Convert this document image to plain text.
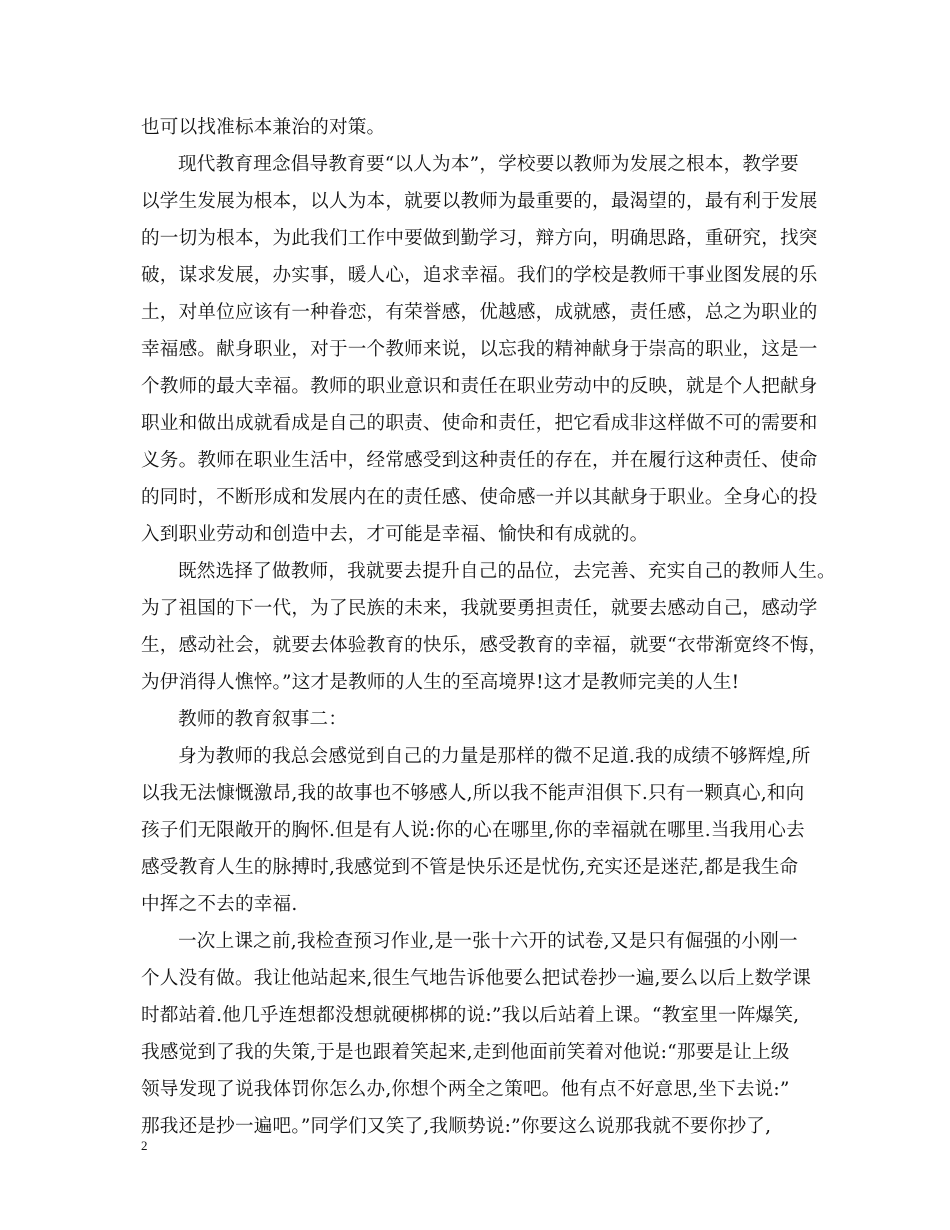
也可以找准标本兼治的对策。
现代教育理念倡导教育要“以人为本”，学校要以教师为发展之根本，教学要
以学生发展为根本，以人为本，就要以教师为最重要的，最渴望的，最有利于发展
的一切为根本，为此我们工作中要做到勤学习，辩方向，明确思路，重研究，找突
破，谋求发展，办实事，暖人心，追求幸福。我们的学校是教师干事业图发展的乐
土，对单位应该有一种眷恋，有荣誉感，优越感，成就感，责任感，总之为职业的
幸福感。献身职业，对于一个教师来说，以忘我的精神献身于崇高的职业，这是一
个教师的最大幸福。教师的职业意识和责任在职业劳动中的反映，就是个人把献身
职业和做出成就看成是自己的职责、使命和责任，把它看成非这样做不可的需要和
义务。教师在职业生活中，经常感受到这种责任的存在，并在履行这种责任、使命
的同时，不断形成和发展内在的责任感、使命感一并以其献身于职业。全身心的投
入到职业劳动和创造中去，才可能是幸福、愉快和有成就的。
既然选择了做教师，我就要去提升自己的品位，去完善、充实自己的教师人生。
为了祖国的下一代，为了民族的未来，我就要勇担责任，就要去感动自己，感动学
生，感动社会，就要去体验教育的快乐，感受教育的幸福，就要“衣带渐宽终不悔，
为伊消得人憔悴。”这才是教师的人生的至高境界!这才是教师完美的人生!
教师的教育叙事二：
身为教师的我总会感觉到自己的力量是那样的微不足道.我的成绩不够辉煌,所
以我无法慷慨激昂,我的故事也不够感人,所以我不能声泪俱下.只有一颗真心,和向
孩子们无限敞开的胸怀.但是有人说:你的心在哪里,你的幸福就在哪里.当我用心去
感受教育人生的脉搏时,我感觉到不管是快乐还是忧伤,充实还是迷茫,都是我生命
中挥之不去的幸福.
一次上课之前,我检查预习作业,是一张十六开的试卷,又是只有倔强的小刚一
个人没有做。我让他站起来,很生气地告诉他要么把试卷抄一遍,要么以后上数学课
时都站着.他几乎连想都没想就硬梆梆的说:”我以后站着上课。“教室里一阵爆笑,
我感觉到了我的失策,于是也跟着笑起来,走到他面前笑着对他说:“那要是让上级
领导发现了说我体罚你怎么办,你想个两全之策吧。他有点不好意思,坐下去说:”
那我还是抄一遍吧。”同学们又笑了,我顺势说:”你要这么说那我就不要你抄了,
2
